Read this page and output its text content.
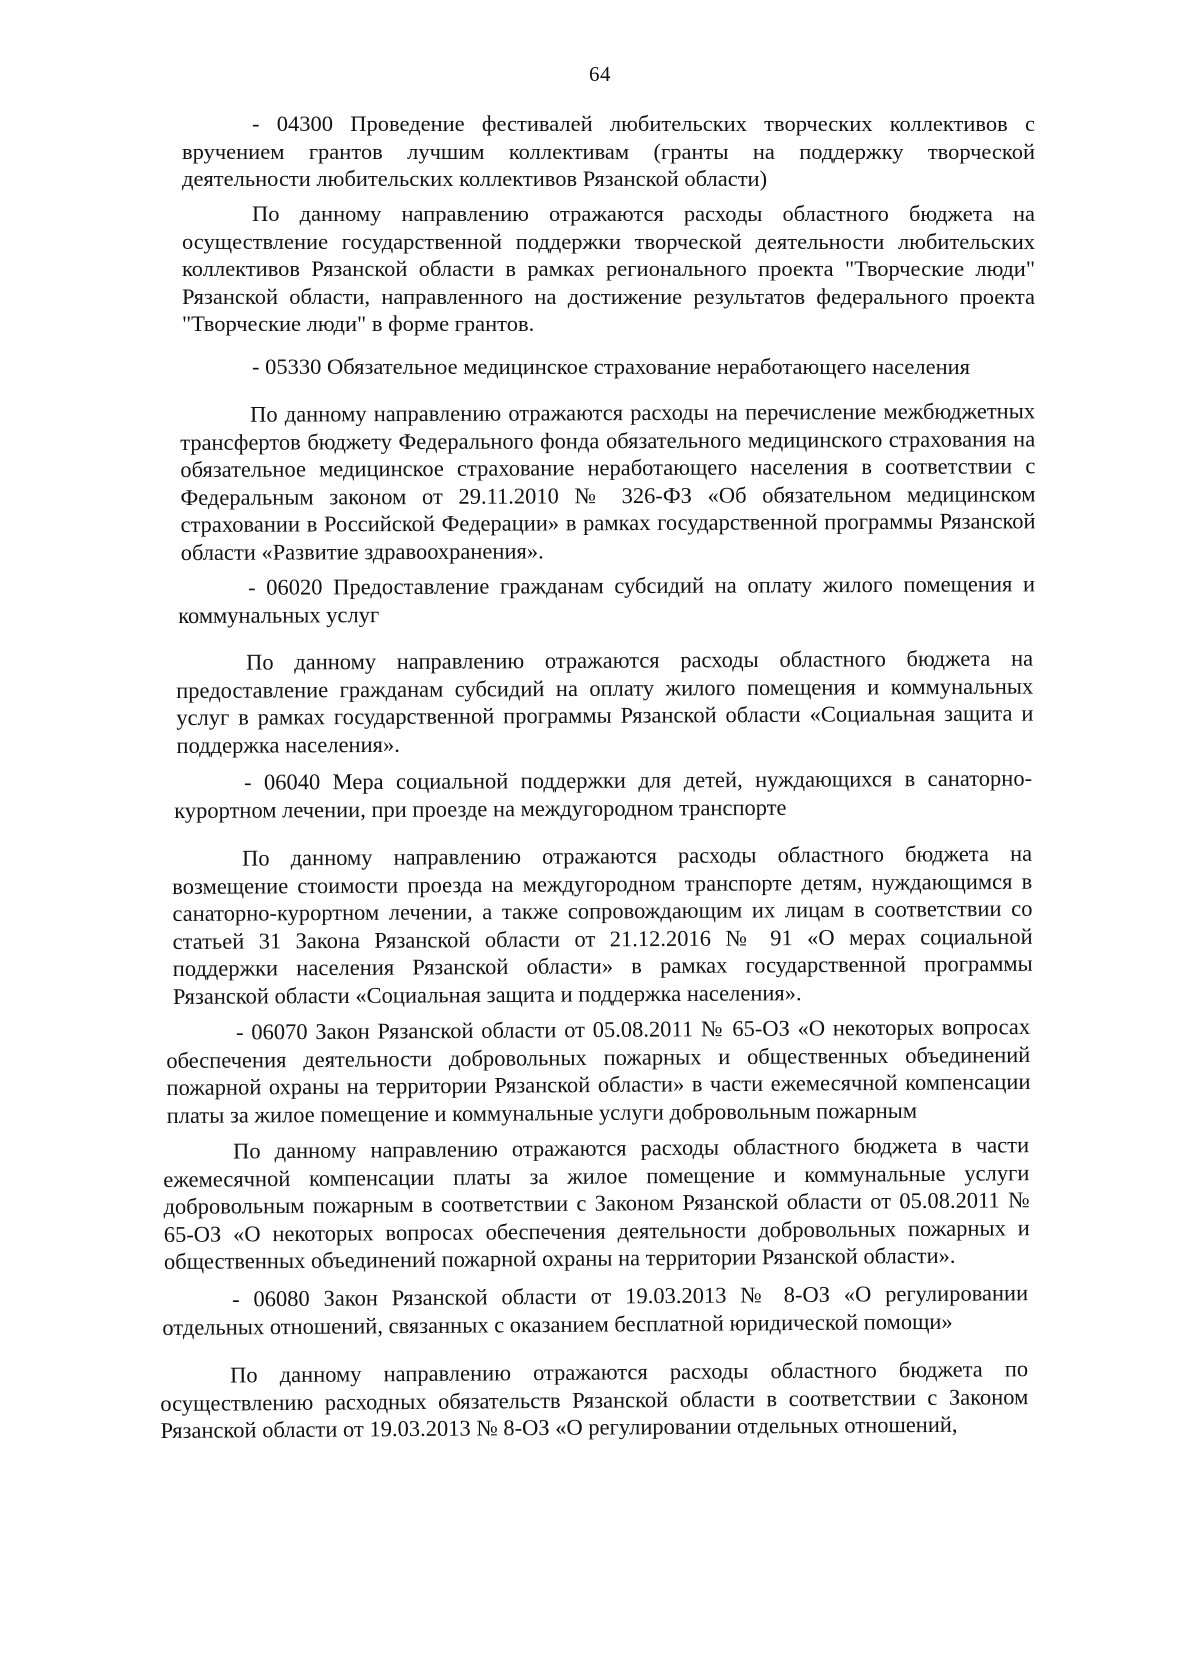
64

- 04300 Проведение фестивалей любительских творческих коллективов с вручением грантов лучшим коллективам (гранты на поддержку творческой деятельности любительских коллективов Рязанской области)

По данному направлению отражаются расходы областного бюджета на осуществление государственной поддержки творческой деятельности любительских коллективов Рязанской области в рамках регионального проекта "Творческие люди" Рязанской области, направленного на достижение результатов федерального проекта "Творческие люди" в форме грантов.

- 05330 Обязательное медицинское страхование неработающего населения

По данному направлению отражаются расходы на перечисление межбюджетных трансфертов бюджету Федерального фонда обязательного медицинского страхования на обязательное медицинское страхование неработающего населения в соответствии с Федеральным законом от 29.11.2010 № 326-ФЗ «Об обязательном медицинском страховании в Российской Федерации» в рамках государственной программы Рязанской области «Развитие здравоохранения».

- 06020 Предоставление гражданам субсидий на оплату жилого помещения и коммунальных услуг

По данному направлению отражаются расходы областного бюджета на предоставление гражданам субсидий на оплату жилого помещения и коммунальных услуг в рамках государственной программы Рязанской области «Социальная защита и поддержка населения».

- 06040 Мера социальной поддержки для детей, нуждающихся в санаторно-курортном лечении, при проезде на междугородном транспорте

По данному направлению отражаются расходы областного бюджета на возмещение стоимости проезда на междугородном транспорте детям, нуждающимся в санаторно-курортном лечении, а также сопровождающим их лицам в соответствии со статьей 31 Закона Рязанской области от 21.12.2016 № 91 «О мерах социальной поддержки населения Рязанской области» в рамках государственной программы Рязанской области «Социальная защита и поддержка населения».

- 06070 Закон Рязанской области от 05.08.2011 № 65-ОЗ «О некоторых вопросах обеспечения деятельности добровольных пожарных и общественных объединений пожарной охраны на территории Рязанской области» в части ежемесячной компенсации платы за жилое помещение и коммунальные услуги добровольным пожарным

По данному направлению отражаются расходы областного бюджета в части ежемесячной компенсации платы за жилое помещение и коммунальные услуги добровольным пожарным в соответствии с Законом Рязанской области от 05.08.2011 № 65-ОЗ «О некоторых вопросах обеспечения деятельности добровольных пожарных и общественных объединений пожарной охраны на территории Рязанской области».

- 06080 Закон Рязанской области от 19.03.2013 № 8-ОЗ «О регулировании отдельных отношений, связанных с оказанием бесплатной юридической помощи»

По данному направлению отражаются расходы областного бюджета по осуществлению расходных обязательств Рязанской области в соответствии с Законом Рязанской области от 19.03.2013 № 8-ОЗ «О регулировании отдельных отношений,
